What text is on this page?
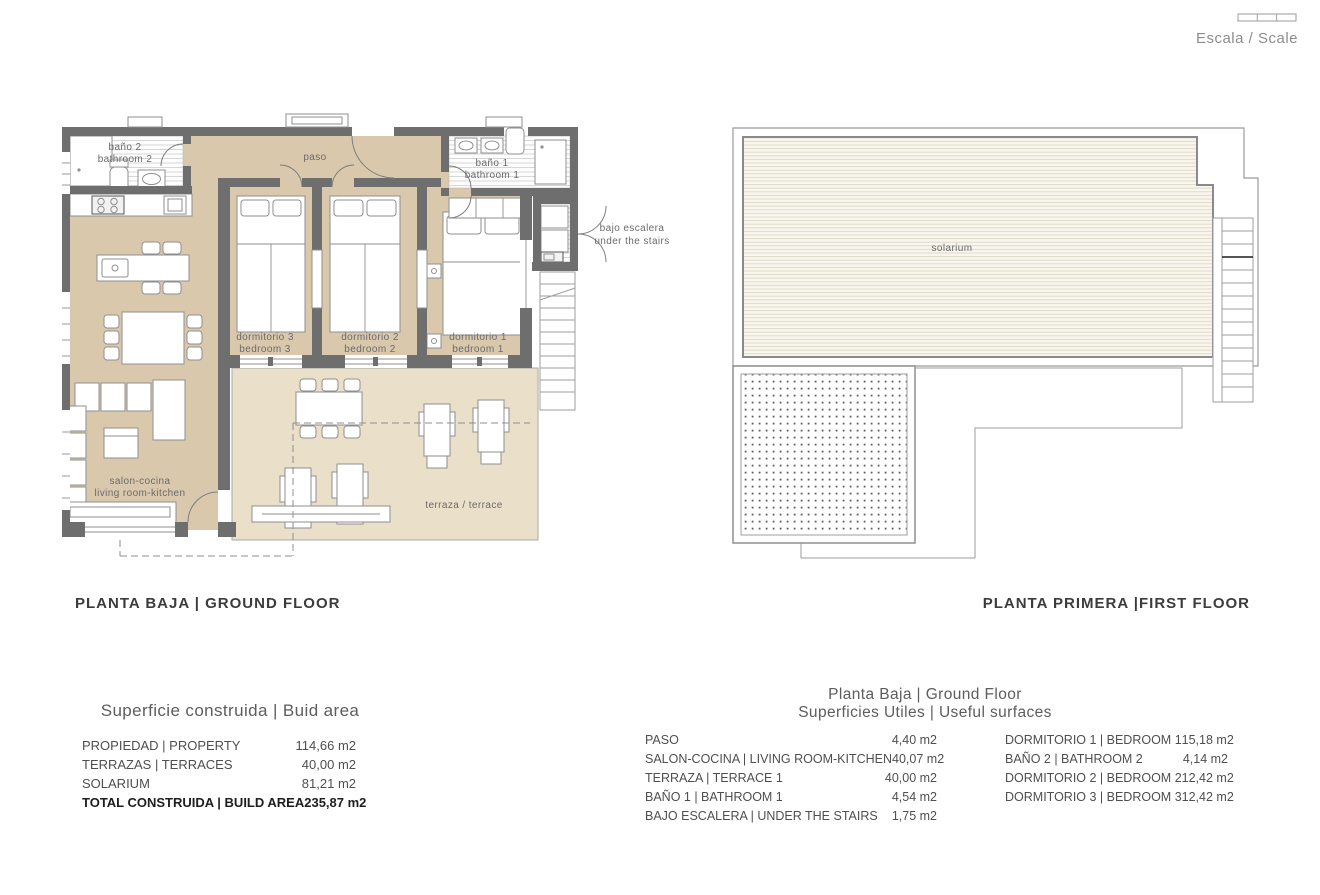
baño 2
bathroom 2	paso
baño 1
bathroom 1
bajo escalera
under the stairs
dormitorio 3
bedroom 3
dormitorio 2
bedroom 2
dormitorio 1
bedroom 1
salon-cocina
living room-kitchen
terraza / terrace
solarium
Escala / Scale
PLANTA BAJA | GROUND FLOOR	PLANTA PRIMERA |FIRST FLOOR
Superficie construida | Buid area
PROPIEDAD | PROPERTY	114,66 m2
TERRAZAS | TERRACES	40,00 m2
SOLARIUM	81,21 m2
TOTAL CONSTRUIDA | BUILD AREA 235,87 m2
Planta Baja | Ground Floor
Superficies Utiles | Useful surfaces
PASO	4,40 m2
SALON-COCINA | LIVING ROOM-KITCHEN 40,07 m2
TERRAZA | TERRACE 1	40,00 m2
BAÑO 1 | BATHROOM 1	4,54 m2
BAJO ESCALERA | UNDER THE STAIRS 1,75 m2
DORMITORIO 1 | BEDROOM 1 15,18 m2
BAÑO 2 | BATHROOM 2	4,14 m2
DORMITORIO 2 | BEDROOM 2 12,42 m2
DORMITORIO 3 | BEDROOM 3 12,42 m2
